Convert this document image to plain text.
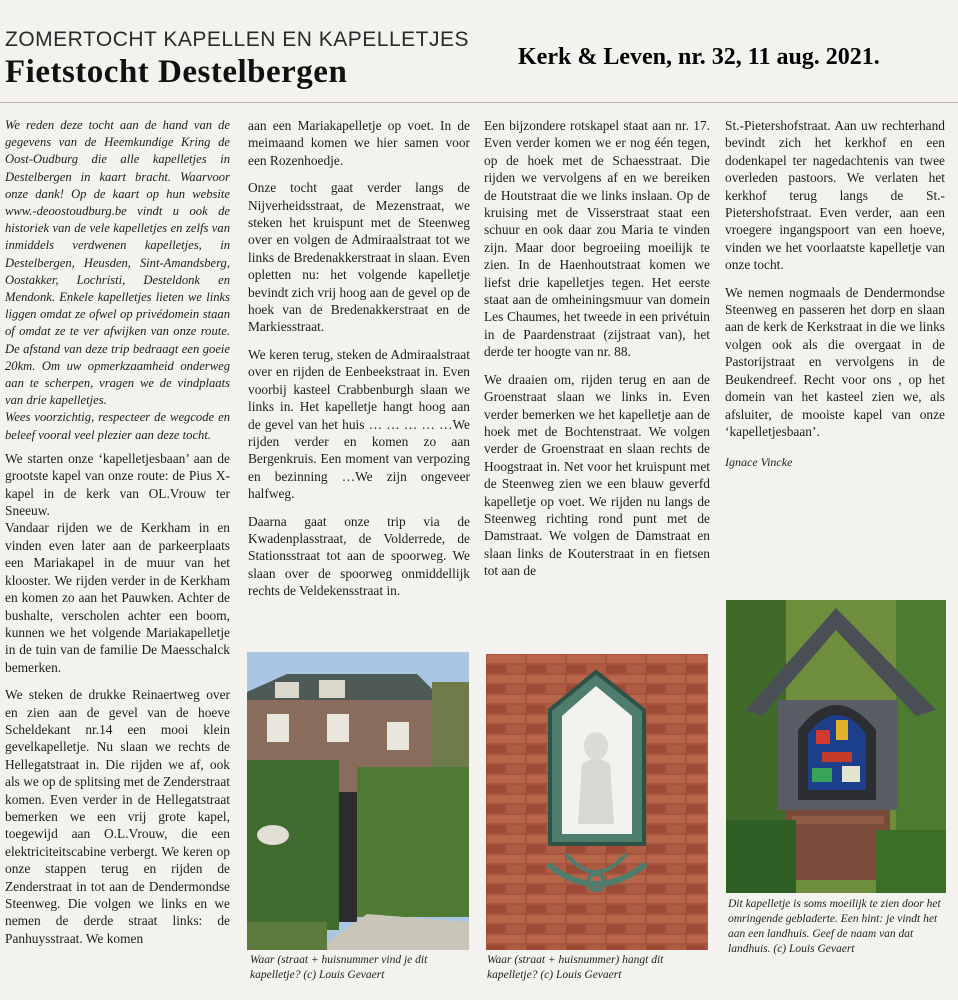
ZOMERTOCHT KAPELLEN EN KAPELLETJES
Fietstocht Destelbergen	Kerk & Leven, nr. 32, 11 aug. 2021.

We reden deze tocht aan de hand van de gegevens van de Heemkundige Kring de Oost-Oudburg die alle kapelletjes in Destelbergen in kaart bracht. Waarvoor onze dank! Op de kaart op hun website www.-deoostoudburg.be vindt u ook de historiek van de vele kapelletjes en zelfs van inmiddels verdwenen kapelletjes, in Destelbergen, Heusden, Sint-Amandsberg, Oostakker, Lochristi, Desteldonk en Mendonk. Enkele kapelletjes lieten we links liggen omdat ze ofwel op privédomein staan of omdat ze te ver afwijken van onze route. De afstand van deze trip bedraagt een goeie 20km. Om uw opmerkzaamheid onderweg aan te scherpen, vragen we de vindplaats van drie kapelletjes.

Wees voorzichtig, respecteer de wegcode en beleef vooral veel plezier aan deze tocht.

We starten onze ‘kapelletjesbaan’ aan de grootste kapel van onze route: de Pius X-kapel in de kerk van OL.Vrouw ter Sneeuw.

Vandaar rijden we de Kerkham in en vinden even later aan de parkeerplaats een Mariakapel in de muur van het klooster. We rijden verder in de Kerkham en komen zo aan het Pauwken. Achter de bushalte, verscholen achter een boom, kunnen we het volgende Mariakapelletje in de tuin van de familie De Maesschalck bemerken.

We steken de drukke Reinaertweg over en zien aan de gevel van de hoeve Scheldekant nr.14 een mooi klein gevelkapelletje. Nu slaan we rechts de Hellegatstraat in. Die rijden we af, ook als we op de splitsing met de Zenderstraat komen. Even verder in de Hellegatstraat bemerken we een vrij grote kapel, toegewijd aan O.L.Vrouw, die een elektriciteitscabine verbergt. We keren op onze stappen terug en rijden de Zenderstraat in tot aan de Dendermondse Steenweg. Die volgen we links en we nemen de derde straat links: de Panhuysstraat. We komen

aan een Mariakapelletje op voet. In de meimaand komen we hier samen voor een Rozenhoedje.

Onze tocht gaat verder langs de Nijverheidsstraat, de Mezenstraat, we steken het kruispunt met de Steenweg over en volgen de Admiraalstraat tot we links de Bredenakkerstraat in slaan. Even opletten nu: het volgende kapelletje bevindt zich vrij hoog aan de gevel op de hoek van de Bredenakkerstraat en de Markiesstraat.

We keren terug, steken de Admiraalstraat over en rijden de Eenbeekstraat in. Even voorbij kasteel Crabbenburgh slaan we links in. Het kapelletje hangt hoog aan de gevel van het huis … … … … …We rijden verder en komen zo aan Bergenkruis. Een moment van verpozing en bezinning …We zijn ongeveer halfweg.

Daarna gaat onze trip via de Kwadenplasstraat, de Volderrede, de Stationsstraat tot aan de spoorweg. We slaan over de spoorweg onmiddellijk rechts de Veldekensstraat in.

Een bijzondere rotskapel staat aan nr. 17. Even verder komen we er nog één tegen, op de hoek met de Schaesstraat. Die rijden we vervolgens af en we bereiken de Houtstraat die we links inslaan. Op de kruising met de Visserstraat staat een schuur en ook daar zou Maria te vinden zijn. Maar door begroeiing moeilijk te zien. In de Haenhoutstraat komen we liefst drie kapelletjes tegen. Het eerste staat aan de omheiningsmuur van domein Les Chaumes, het tweede in een privétuin in de Paardenstraat (zijstraat van), het derde ter hoogte van nr. 88.

We draaien om, rijden terug en aan de Groenstraat slaan we links in. Even verder bemerken we het kapelletje aan de hoek met de Bochtenstraat. We volgen verder de Groenstraat en slaan rechts de Hoogstraat in. Net voor het kruispunt met de Steenweg zien we een blauw geverfd kapelletje op voet. We rijden nu langs de Steenweg richting rond punt met de Damstraat. We volgen de Damstraat en slaan links de Kouterstraat in en fietsen tot aan de

St.-Pietershofstraat. Aan uw rechterhand bevindt zich het kerkhof en een dodenkapel ter nagedachtenis van twee overleden pastoors. We verlaten het kerkhof terug langs de St.-Pietershofstraat. Even verder, aan een vroegere ingangspoort van een hoeve, vinden we het voorlaatste kapelletje van onze tocht.

We nemen nogmaals de Dendermondse Steenweg en passeren het dorp en slaan aan de kerk de Kerkstraat in die we links volgen ook als die overgaat in de Pastorijstraat en vervolgens in de Beukendreef. Recht voor ons , op het domein van het kasteel zien we, als afsluiter, de mooiste kapel van onze ‘kapelletjesbaan’.

Ignace Vincke

Waar (straat + huisnummer vind je dit kapelletje? (c) Louis Gevaert
Waar (straat + huisnummer) hangt dit kapelletje? (c) Louis Gevaert
Dit kapelletje is soms moeilijk te zien door het omringende gebladerte. Een hint: je vindt het aan een landhuis. Geef de naam van dat landhuis. (c) Louis Gevaert
